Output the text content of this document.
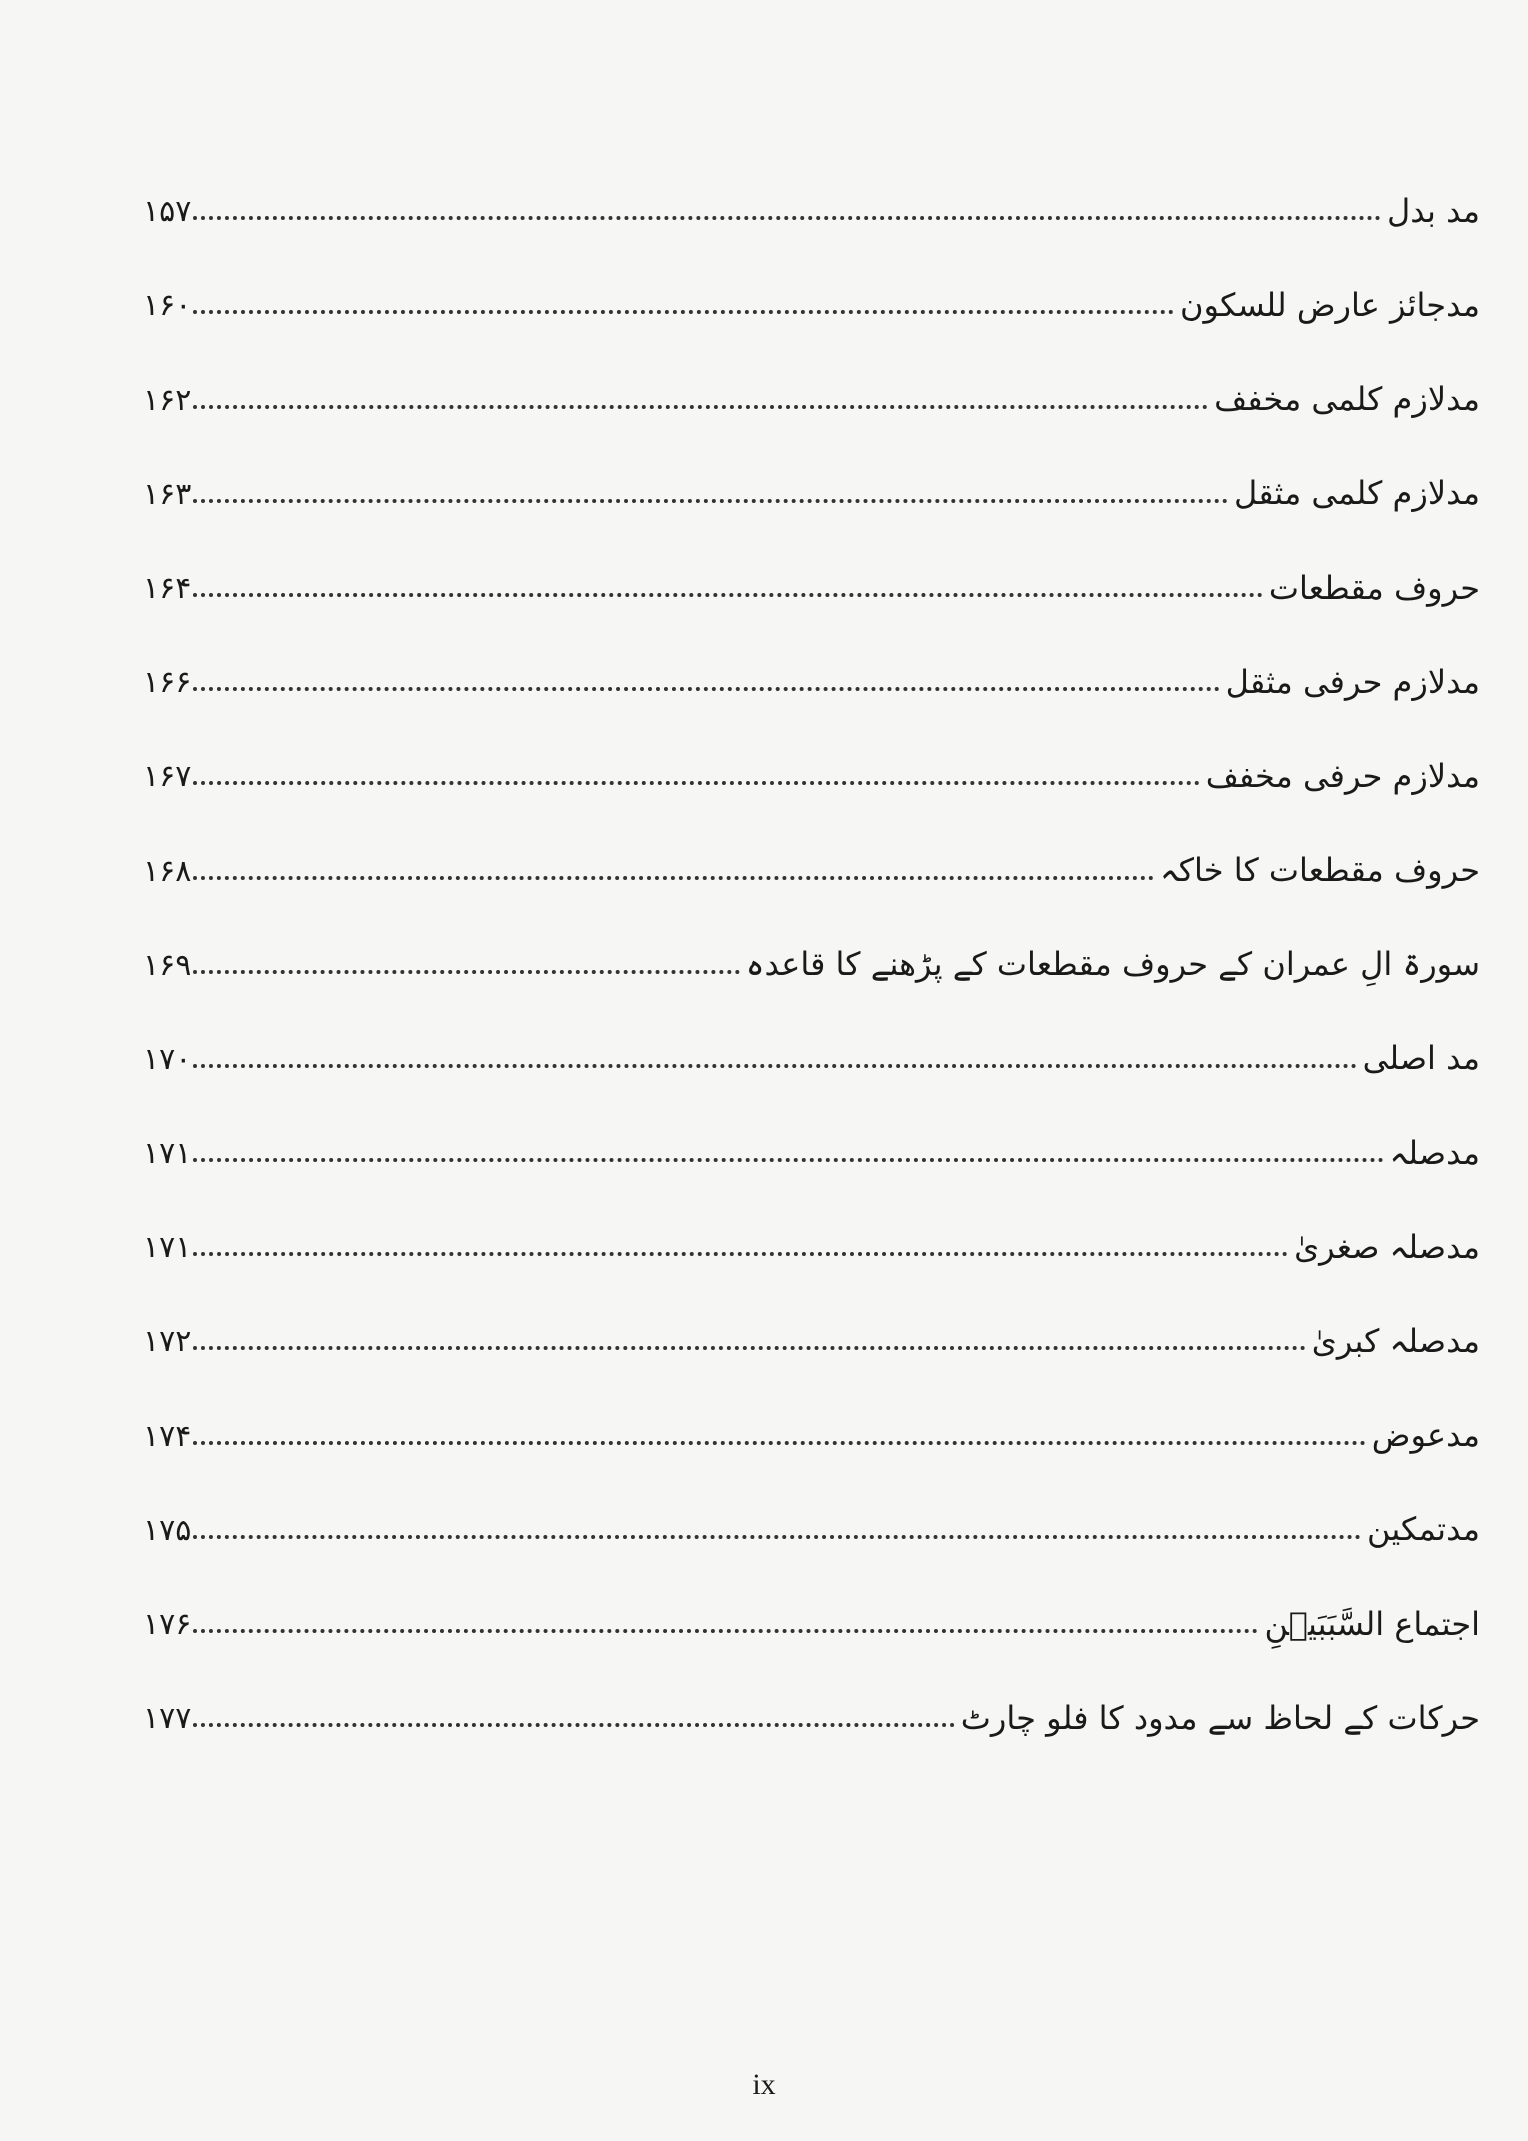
مد بدل
۱۵۷
مدجائز عارض للسکون
۱۶۰
مدلازم کلمی مخفف
۱۶۲
مدلازم کلمی مثقل
۱۶۳
حروف مقطعات
۱۶۴
مدلازم حرفی مثقل
۱۶۶
مدلازم حرفی مخفف
۱۶۷
حروف مقطعات کا خاکہ
۱۶۸
سورۃ الِ عمران کے حروف مقطعات کے پڑھنے کا قاعدہ
۱۶۹
مد اصلی
۱۷۰
مدصلہ
۱۷۱
مدصلہ صغریٰ
۱۷۱
مدصلہ کبریٰ
۱۷۲
مدعوض
۱۷۴
مدتمکین
۱۷۵
اجتماع السَّبَبَیۡنِ
۱۷۶
حرکات کے لحاظ سے مدود کا فلو چارٹ
۱۷۷
ix
